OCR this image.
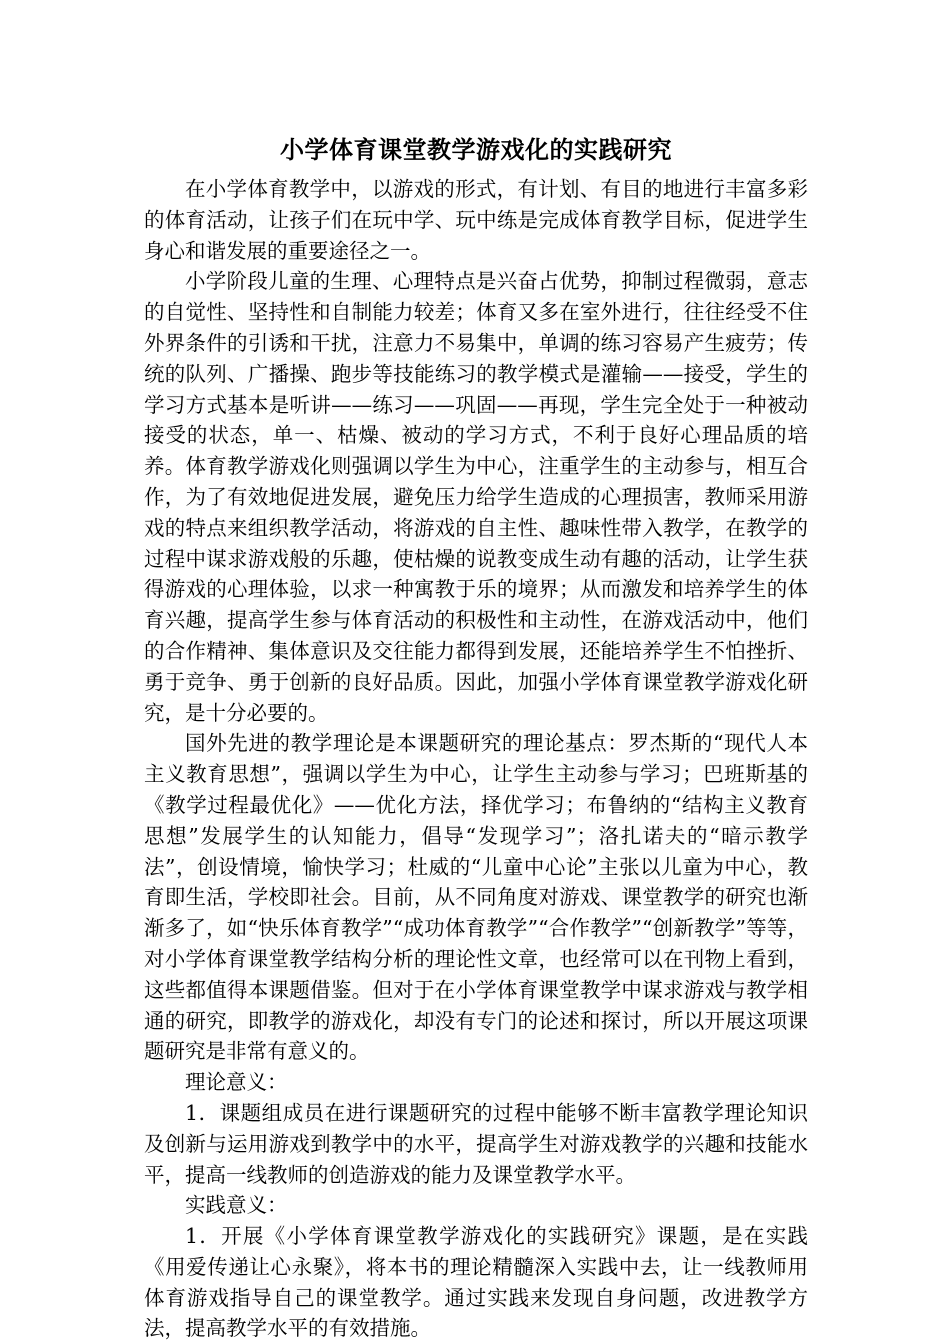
小学体育课堂教学游戏化的实践研究

在小学体育教学中，以游戏的形式，有计划、有目的地进行丰富多彩的体育活动，让孩子们在玩中学、玩中练是完成体育教学目标，促进学生身心和谐发展的重要途径之一。

小学阶段儿童的生理、心理特点是兴奋占优势，抑制过程微弱，意志的自觉性、坚持性和自制能力较差；体育又多在室外进行，往往经受不住外界条件的引诱和干扰，注意力不易集中，单调的练习容易产生疲劳；传统的队列、广播操、跑步等技能练习的教学模式是灌输——接受，学生的学习方式基本是听讲——练习——巩固——再现，学生完全处于一种被动接受的状态，单一、枯燥、被动的学习方式，不利于良好心理品质的培养。体育教学游戏化则强调以学生为中心，注重学生的主动参与，相互合作，为了有效地促进发展，避免压力给学生造成的心理损害，教师采用游戏的特点来组织教学活动，将游戏的自主性、趣味性带入教学，在教学的过程中谋求游戏般的乐趣，使枯燥的说教变成生动有趣的活动，让学生获得游戏的心理体验，以求一种寓教于乐的境界；从而激发和培养学生的体育兴趣，提高学生参与体育活动的积极性和主动性，在游戏活动中，他们的合作精神、集体意识及交往能力都得到发展，还能培养学生不怕挫折、勇于竞争、勇于创新的良好品质。因此，加强小学体育课堂教学游戏化研究，是十分必要的。

国外先进的教学理论是本课题研究的理论基点：罗杰斯的“现代人本主义教育思想”，强调以学生为中心，让学生主动参与学习；巴班斯基的《教学过程最优化》——优化方法，择优学习；布鲁纳的“结构主义教育思想”发展学生的认知能力，倡导“发现学习”；洛扎诺夫的“暗示教学法”，创设情境，愉快学习；杜威的“儿童中心论”主张以儿童为中心，教育即生活，学校即社会。目前，从不同角度对游戏、课堂教学的研究也渐渐多了，如“快乐体育教学”“成功体育教学”“合作教学”“创新教学”等等，对小学体育课堂教学结构分析的理论性文章，也经常可以在刊物上看到，这些都值得本课题借鉴。但对于在小学体育课堂教学中谋求游戏与教学相通的研究，即教学的游戏化，却没有专门的论述和探讨，所以开展这项课题研究是非常有意义的。

理论意义：

1．课题组成员在进行课题研究的过程中能够不断丰富教学理论知识及创新与运用游戏到教学中的水平，提高学生对游戏教学的兴趣和技能水平，提高一线教师的创造游戏的能力及课堂教学水平。

实践意义：

1．开展《小学体育课堂教学游戏化的实践研究》课题，是在实践《用爱传递让心永聚》，将本书的理论精髓深入实践中去，让一线教师用体育游戏指导自己的课堂教学。通过实践来发现自身问题，改进教学方法，提高教学水平的有效措施。
